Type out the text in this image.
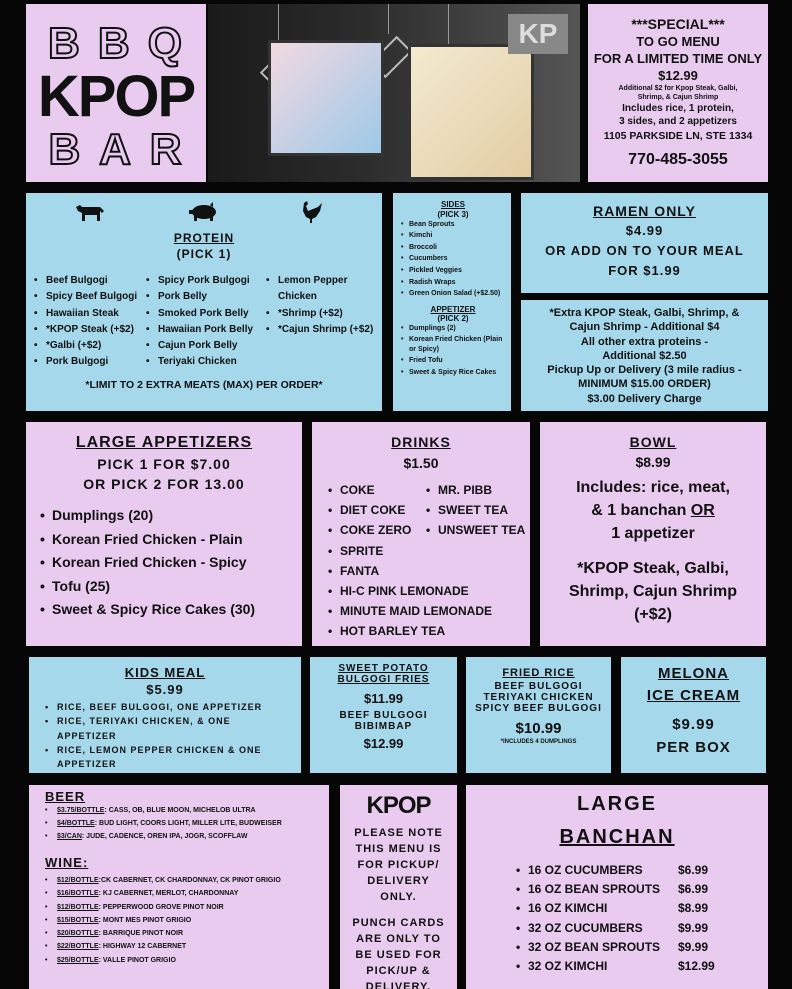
B B Q
KPOP
B A R
KP	***SPECIAL***
TO GO MENU
FOR A LIMITED TIME ONLY
$12.99
Additional $2 for Kpop Steak, Galbi, Shrimp, & Cajun Shrimp
Includes rice, 1 protein,
3 sides, and 2 appetizers
1105 PARKSIDE LN, STE 1334
770-485-3055
PROTEIN
(PICK 1)
• Beef Bulgogi
• Spicy Beef Bulgogi
• Hawaiian Steak
• *KPOP Steak (+$2)
• *Galbi (+$2)
• Pork Bulgogi
• Spicy Pork Bulgogi
• Pork Belly
• Smoked Pork Belly
• Hawaiian Pork Belly
• Cajun Pork Belly
• Teriyaki Chicken
• Lemon Pepper Chicken
• *Shrimp (+$2)
• *Cajun Shrimp (+$2)
*LIMIT TO 2 EXTRA MEATS (MAX) PER ORDER*
SIDES
(PICK 3)
• Bean Sprouts
• Kimchi
• Broccoli
• Cucumbers
• Pickled Veggies
• Radish Wraps
• Green Onion Salad (+$2.50)
APPETIZER
(PICK 2)
• Dumplings (2)
• Korean Fried Chicken (Plain or Spicy)
• Fried Tofu
• Sweet & Spicy Rice Cakes
RAMEN ONLY
$4.99
OR ADD ON TO YOUR MEAL
FOR $1.99
*Extra KPOP Steak, Galbi, Shrimp, &
Cajun Shrimp - Additional $4
All other extra proteins -
Additional $2.50
Pickup Up or Delivery (3 mile radius -
MINIMUM $15.00 ORDER)
$3.00 Delivery Charge
LARGE APPETIZERS
PICK 1 FOR $7.00
OR PICK 2 FOR 13.00
• Dumplings (20)
• Korean Fried Chicken - Plain
• Korean Fried Chicken - Spicy
• Tofu (25)
• Sweet & Spicy Rice Cakes (30)
DRINKS
$1.50
• COKE
• DIET COKE
• COKE ZERO
• SPRITE
• FANTA
• HI-C PINK LEMONADE
• MINUTE MAID LEMONADE
• HOT BARLEY TEA
• MR. PIBB
• SWEET TEA
• UNSWEET TEA
BOWL
$8.99
Includes: rice, meat,
& 1 banchan OR
1 appetizer
*KPOP Steak, Galbi,
Shrimp, Cajun Shrimp
(+$2)
KIDS MEAL
$5.99
• RICE, BEEF BULGOGI, ONE APPETIZER
• RICE, TERIYAKI CHICKEN, & ONE APPETIZER
• RICE, LEMON PEPPER CHICKEN & ONE APPETIZER
SWEET POTATO
BULGOGI FRIES
$11.99
BEEF BULGOGI
BIBIMBAP
$12.99
FRIED RICE
BEEF BULGOGI
TERIYAKI CHICKEN
SPICY BEEF BULGOGI
$10.99
*INCLUDES 4 DUMPLINGS
MELONA
ICE CREAM
$9.99
PER BOX
BEER
• $3.75/BOTTLE: CASS, OB, BLUE MOON, MICHELOB ULTRA
• $4/BOTTLE: BUD LIGHT, COORS LIGHT, MILLER LITE, BUDWEISER
• $3/CAN: JUDE, CADENCE, OREN IPA, JOGR, SCOFFLAW
WINE:
• $12/BOTTLE:CK CABERNET, CK CHARDONNAY, CK PINOT GRIGIO
• $16/BOTTLE: KJ CABERNET, MERLOT, CHARDONNAY
• $12/BOTTLE: PEPPERWOOD GROVE PINOT NOIR
• $15/BOTTLE: MONT MES PINOT GRIGIO
• $20/BOTTLE: BARRIQUE PINOT NOIR
• $22/BOTTLE: HIGHWAY 12 CABERNET
• $25/BOTTLE: VALLE PINOT GRIGIO
KPOP
PLEASE NOTE
THIS MENU IS
FOR PICKUP/
DELIVERY
ONLY.
PUNCH CARDS
ARE ONLY TO
BE USED FOR
PICK/UP &
DELIVERY.
LARGE
BANCHAN
• 16 OZ CUCUMBERS	$6.99
• 16 OZ BEAN SPROUTS $6.99
• 16 OZ KIMCHI	$8.99
• 32 OZ CUCUMBERS	$9.99
• 32 OZ BEAN SPROUTS $9.99
• 32 OZ KIMCHI	$12.99
